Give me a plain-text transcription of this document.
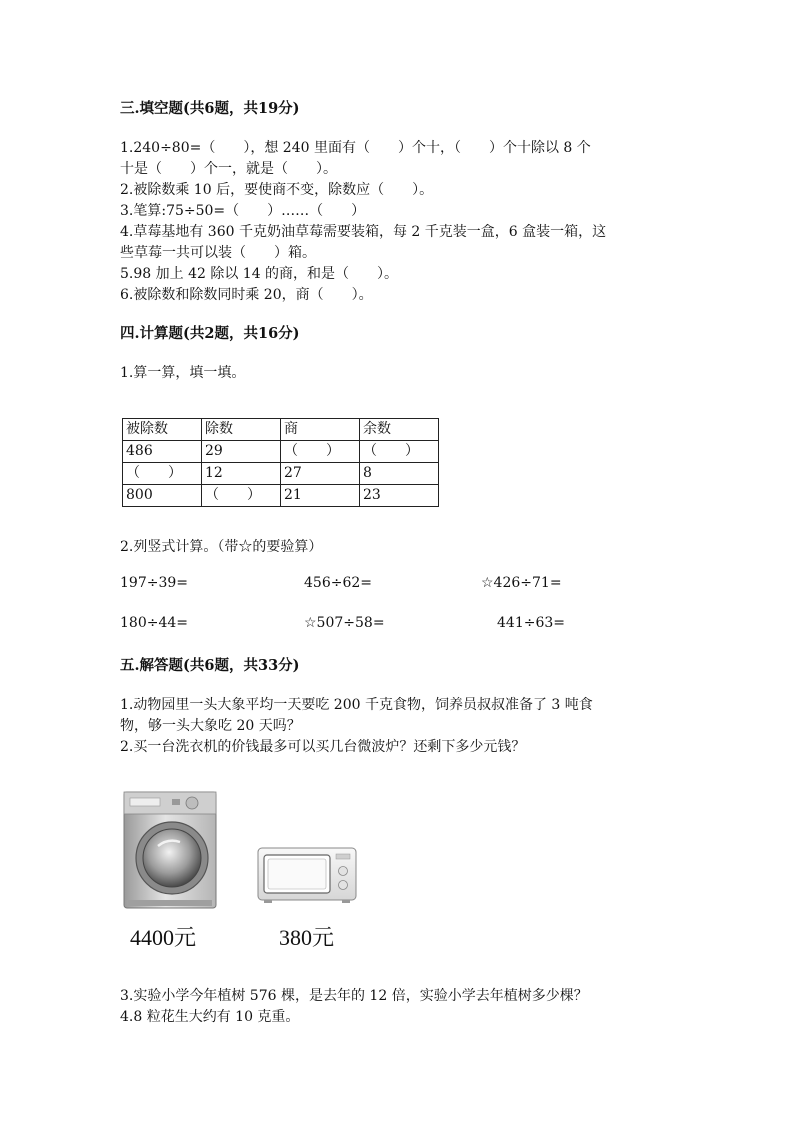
三.填空题(共6题，共19分)
1.240÷80=（　　），想 240 里面有（　　）个十，（　　）个十除以 8 个
十是（　　）个一，就是（　　）。
2.被除数乘 10 后，要使商不变，除数应（　　）。
3.笔算:75÷50=（　　）……（　　）
4.草莓基地有 360 千克奶油草莓需要装箱，每 2 千克装一盒，6 盒装一箱，这
些草莓一共可以装（　　）箱。
5.98 加上 42 除以 14 的商，和是（　　）。
6.被除数和除数同时乘 20，商（　　）。
四.计算题(共2题，共16分)
1.算一算，填一填。
被除数	除数	商	余数
486	29	（　　）	（　　）
（　　）	12	27	8
800	（　　）	21	23
2.列竖式计算。（带☆的要验算）
197÷39=	456÷62=	☆426÷71=
180÷44=	☆507÷58=	441÷63=
五.解答题(共6题，共33分)
1.动物园里一头大象平均一天要吃 200 千克食物，饲养员叔叔准备了 3 吨食
物，够一头大象吃 20 天吗？
2.买一台洗衣机的价钱最多可以买几台微波炉？还剩下多少元钱？
4400元	380元
3.实验小学今年植树 576 棵，是去年的 12 倍，实验小学去年植树多少棵？
4.8 粒花生大约有 10 克重。
